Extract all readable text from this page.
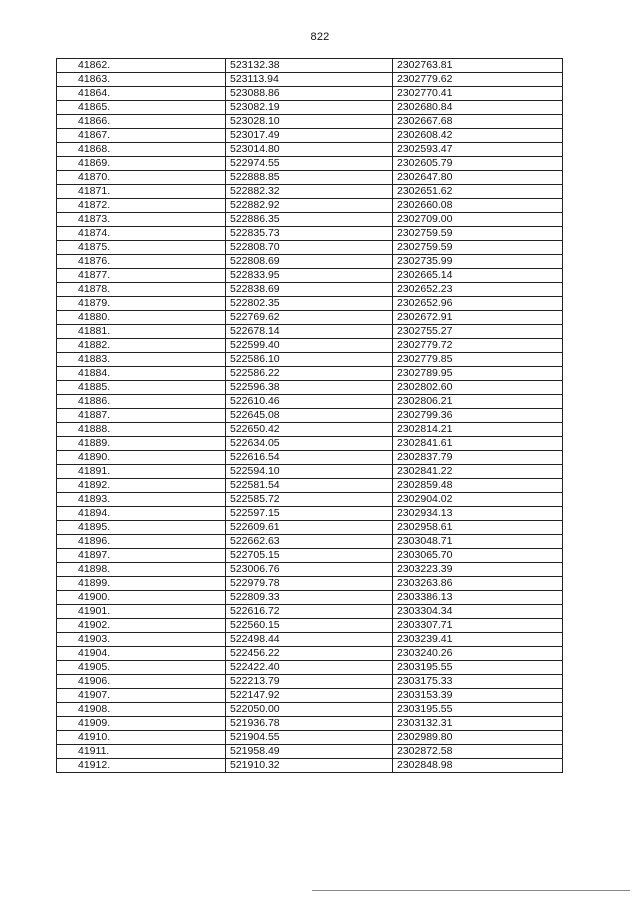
822
41862.	523132.38	2302763.81
41863.	523113.94	2302779.62
41864.	523088.86	2302770.41
41865.	523082.19	2302680.84
41866.	523028.10	2302667.68
41867.	523017.49	2302608.42
41868.	523014.80	2302593.47
41869.	522974.55	2302605.79
41870.	522888.85	2302647.80
41871.	522882.32	2302651.62
41872.	522882.92	2302660.08
41873.	522886.35	2302709.00
41874.	522835.73	2302759.59
41875.	522808.70	2302759.59
41876.	522808.69	2302735.99
41877.	522833.95	2302665.14
41878.	522838.69	2302652.23
41879.	522802.35	2302652.96
41880.	522769.62	2302672.91
41881.	522678.14	2302755.27
41882.	522599.40	2302779.72
41883.	522586.10	2302779.85
41884.	522586.22	2302789.95
41885.	522596.38	2302802.60
41886.	522610.46	2302806.21
41887.	522645.08	2302799.36
41888.	522650.42	2302814.21
41889.	522634.05	2302841.61
41890.	522616.54	2302837.79
41891.	522594.10	2302841.22
41892.	522581.54	2302859.48
41893.	522585.72	2302904.02
41894.	522597.15	2302934.13
41895.	522609.61	2302958.61
41896.	522662.63	2303048.71
41897.	522705.15	2303065.70
41898.	523006.76	2303223.39
41899.	522979.78	2303263.86
41900.	522809.33	2303386.13
41901.	522616.72	2303304.34
41902.	522560.15	2303307.71
41903.	522498.44	2303239.41
41904.	522456.22	2303240.26
41905.	522422.40	2303195.55
41906.	522213.79	2303175.33
41907.	522147.92	2303153.39
41908.	522050.00	2303195.55
41909.	521936.78	2303132.31
41910.	521904.55	2302989.80
41911.	521958.49	2302872.58
41912.	521910.32	2302848.98
